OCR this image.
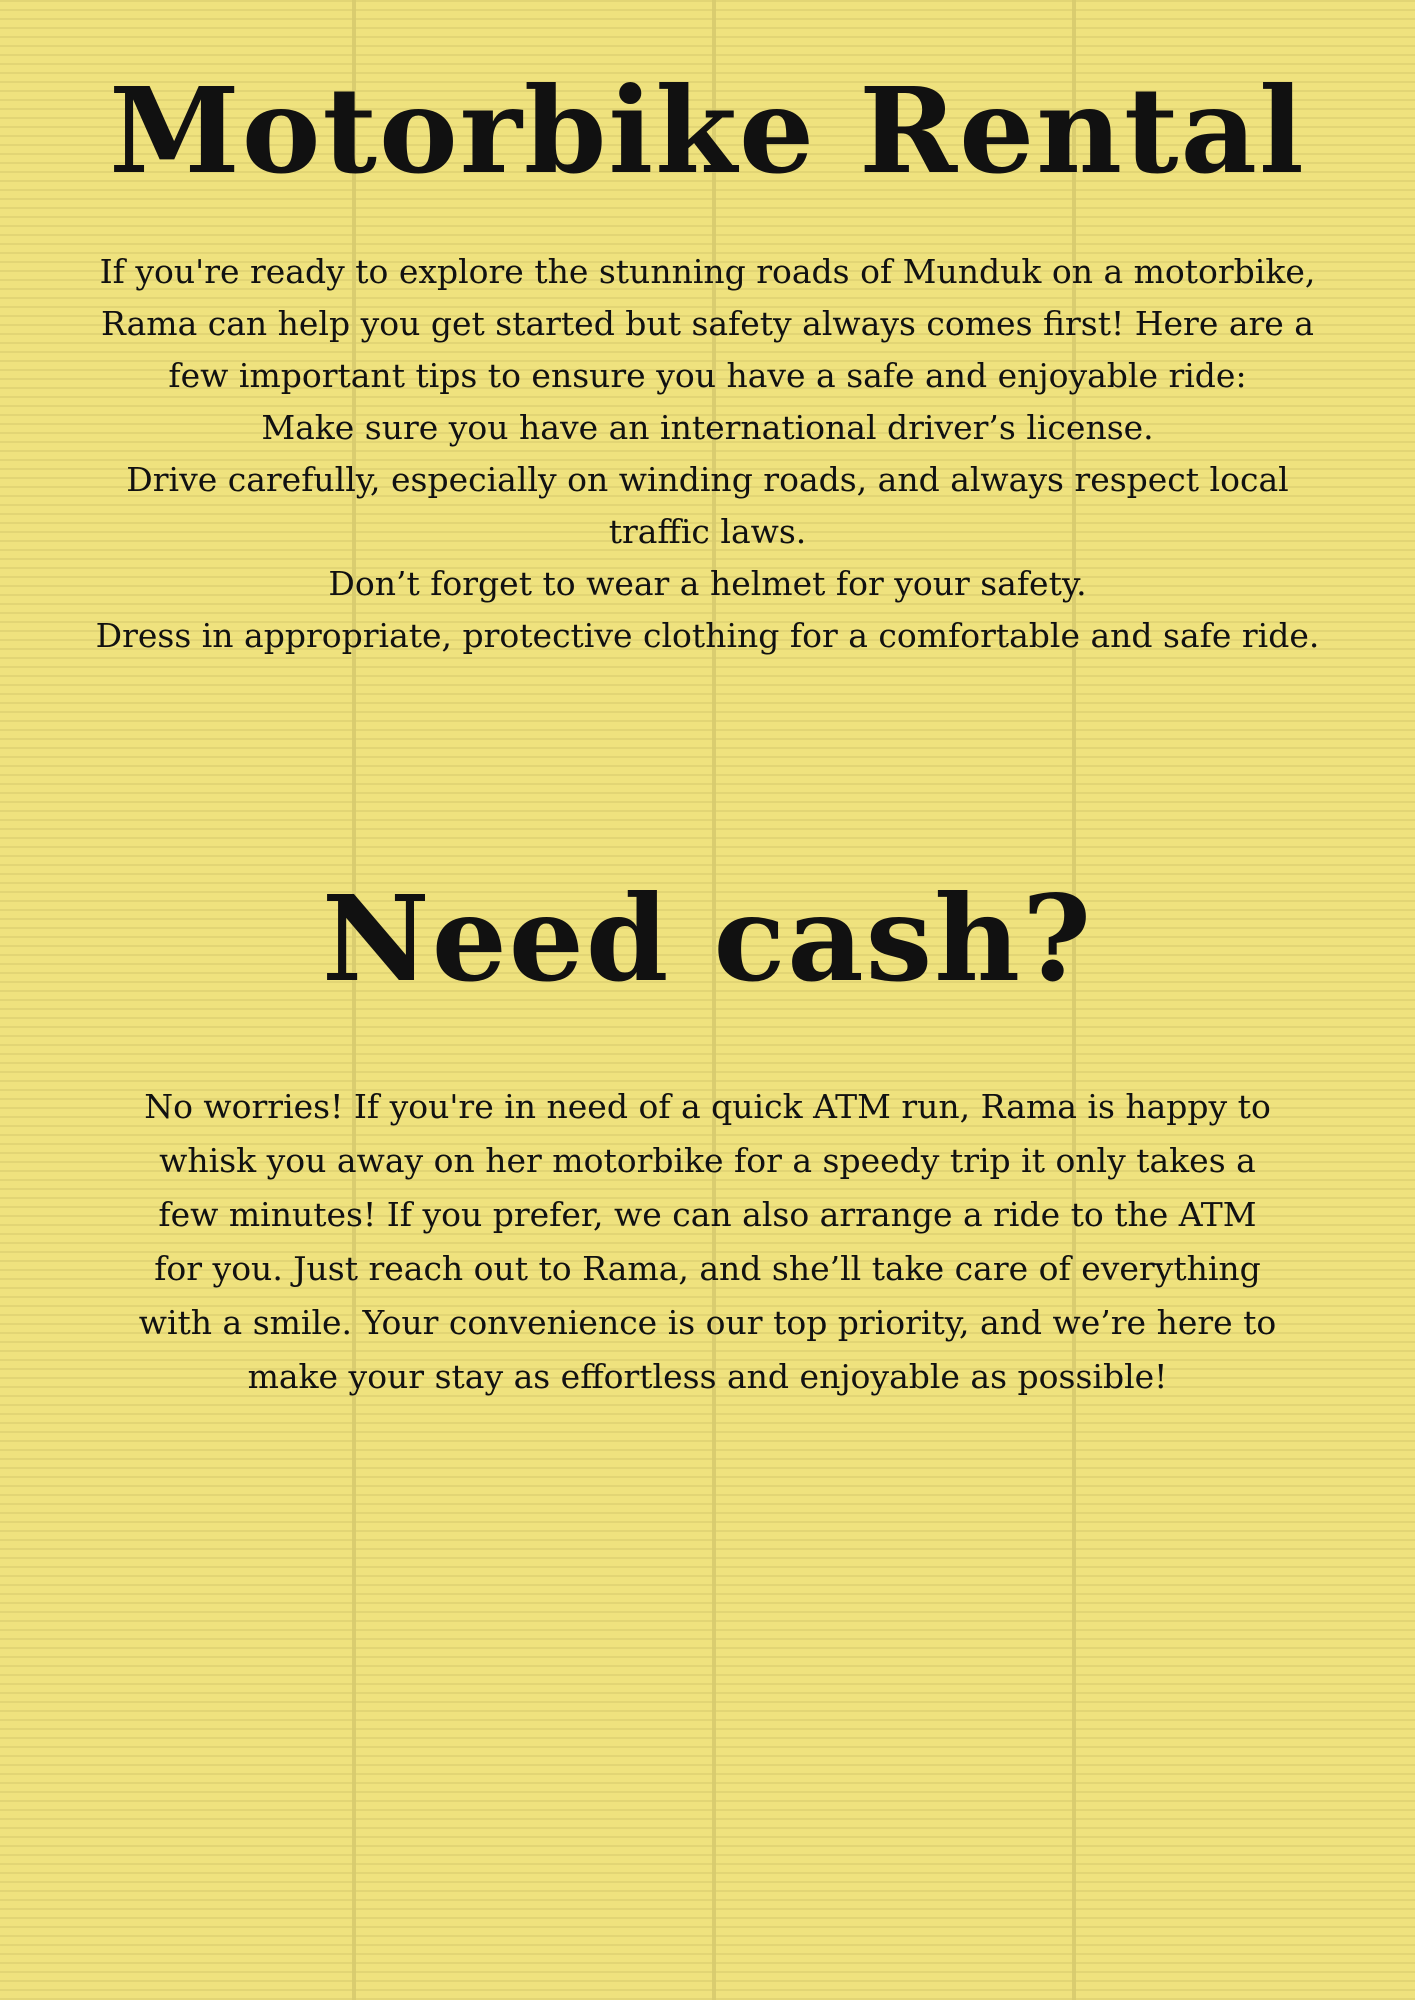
Motorbike Rental

If you're ready to explore the stunning roads of Munduk on a motorbike, Rama can help you get started but safety always comes first! Here are a few important tips to ensure you have a safe and enjoyable ride:

Make sure you have an international driver’s license.

Drive carefully, especially on winding roads, and always respect local traffic laws.

Don’t forget to wear a helmet for your safety.

Dress in appropriate, protective clothing for a comfortable and safe ride.

Need cash?

No worries! If you're in need of a quick ATM run, Rama is happy to whisk you away on her motorbike for a speedy trip it only takes a few minutes! If you prefer, we can also arrange a ride to the ATM for you. Just reach out to Rama, and she’ll take care of everything with a smile. Your convenience is our top priority, and we’re here to make your stay as effortless and enjoyable as possible!
